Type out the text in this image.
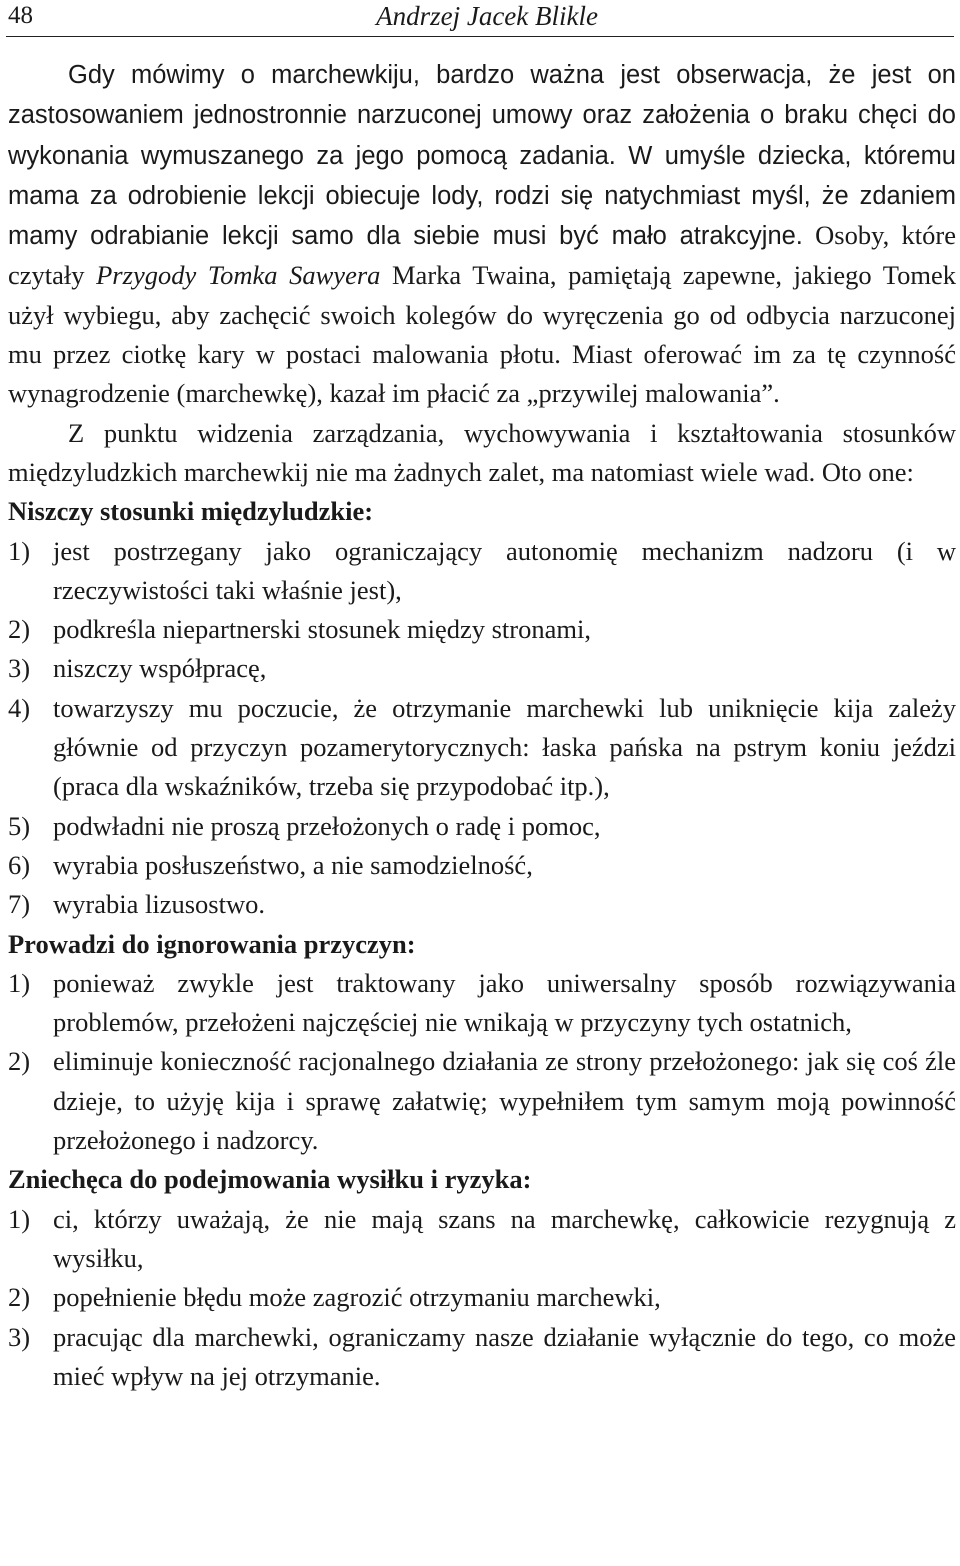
48	Andrzej Jacek Blikle

Gdy mówimy o marchewkiju, bardzo ważna jest obserwacja, że jest on zastosowaniem jednostronnie narzuconej umowy oraz założenia o braku chęci do wykonania wymuszanego za jego pomocą zadania. W umyśle dziecka, któremu mama za odrobienie lekcji obiecuje lody, rodzi się natychmiast myśl, że zdaniem mamy odrabianie lekcji samo dla siebie musi być mało atrakcyjne. Osoby, które czytały Przygody Tomka Sawyera Marka Twaina, pamiętają zapewne, jakiego Tomek użył wybiegu, aby zachęcić swoich kolegów do wyręczenia go od odbycia narzuconej mu przez ciotkę kary w postaci malowania płotu. Miast oferować im za tę czynność wynagrodzenie (marchewkę), kazał im płacić za „przywilej malowania”.

Z punktu widzenia zarządzania, wychowywania i kształtowania stosunków międzyludzkich marchewkij nie ma żadnych zalet, ma natomiast wiele wad. Oto one:

Niszczy stosunki międzyludzkie:

1) jest postrzegany jako ograniczający autonomię mechanizm nadzoru (i w rzeczywistości taki właśnie jest),
2) podkreśla niepartnerski stosunek między stronami,
3) niszczy współpracę,
4) towarzyszy mu poczucie, że otrzymanie marchewki lub uniknięcie kija zależy głównie od przyczyn pozamerytorycznych: łaska pańska na pstrym koniu jeździ (praca dla wskaźników, trzeba się przypodobać itp.),
5) podwładni nie proszą przełożonych o radę i pomoc,
6) wyrabia posłuszeństwo, a nie samodzielność,
7) wyrabia lizusostwo.

Prowadzi do ignorowania przyczyn:

1) ponieważ zwykle jest traktowany jako uniwersalny sposób rozwiązywania problemów, przełożeni najczęściej nie wnikają w przyczyny tych ostatnich,
2) eliminuje konieczność racjonalnego działania ze strony przełożonego: jak się coś źle dzieje, to użyję kija i sprawę załatwię; wypełniłem tym samym moją powinność przełożonego i nadzorcy.

Zniechęca do podejmowania wysiłku i ryzyka:

1) ci, którzy uważają, że nie mają szans na marchewkę, całkowicie rezygnują z wysiłku,
2) popełnienie błędu może zagrozić otrzymaniu marchewki,
3) pracując dla marchewki, ograniczamy nasze działanie wyłącznie do tego, co może mieć wpływ na jej otrzymanie.
